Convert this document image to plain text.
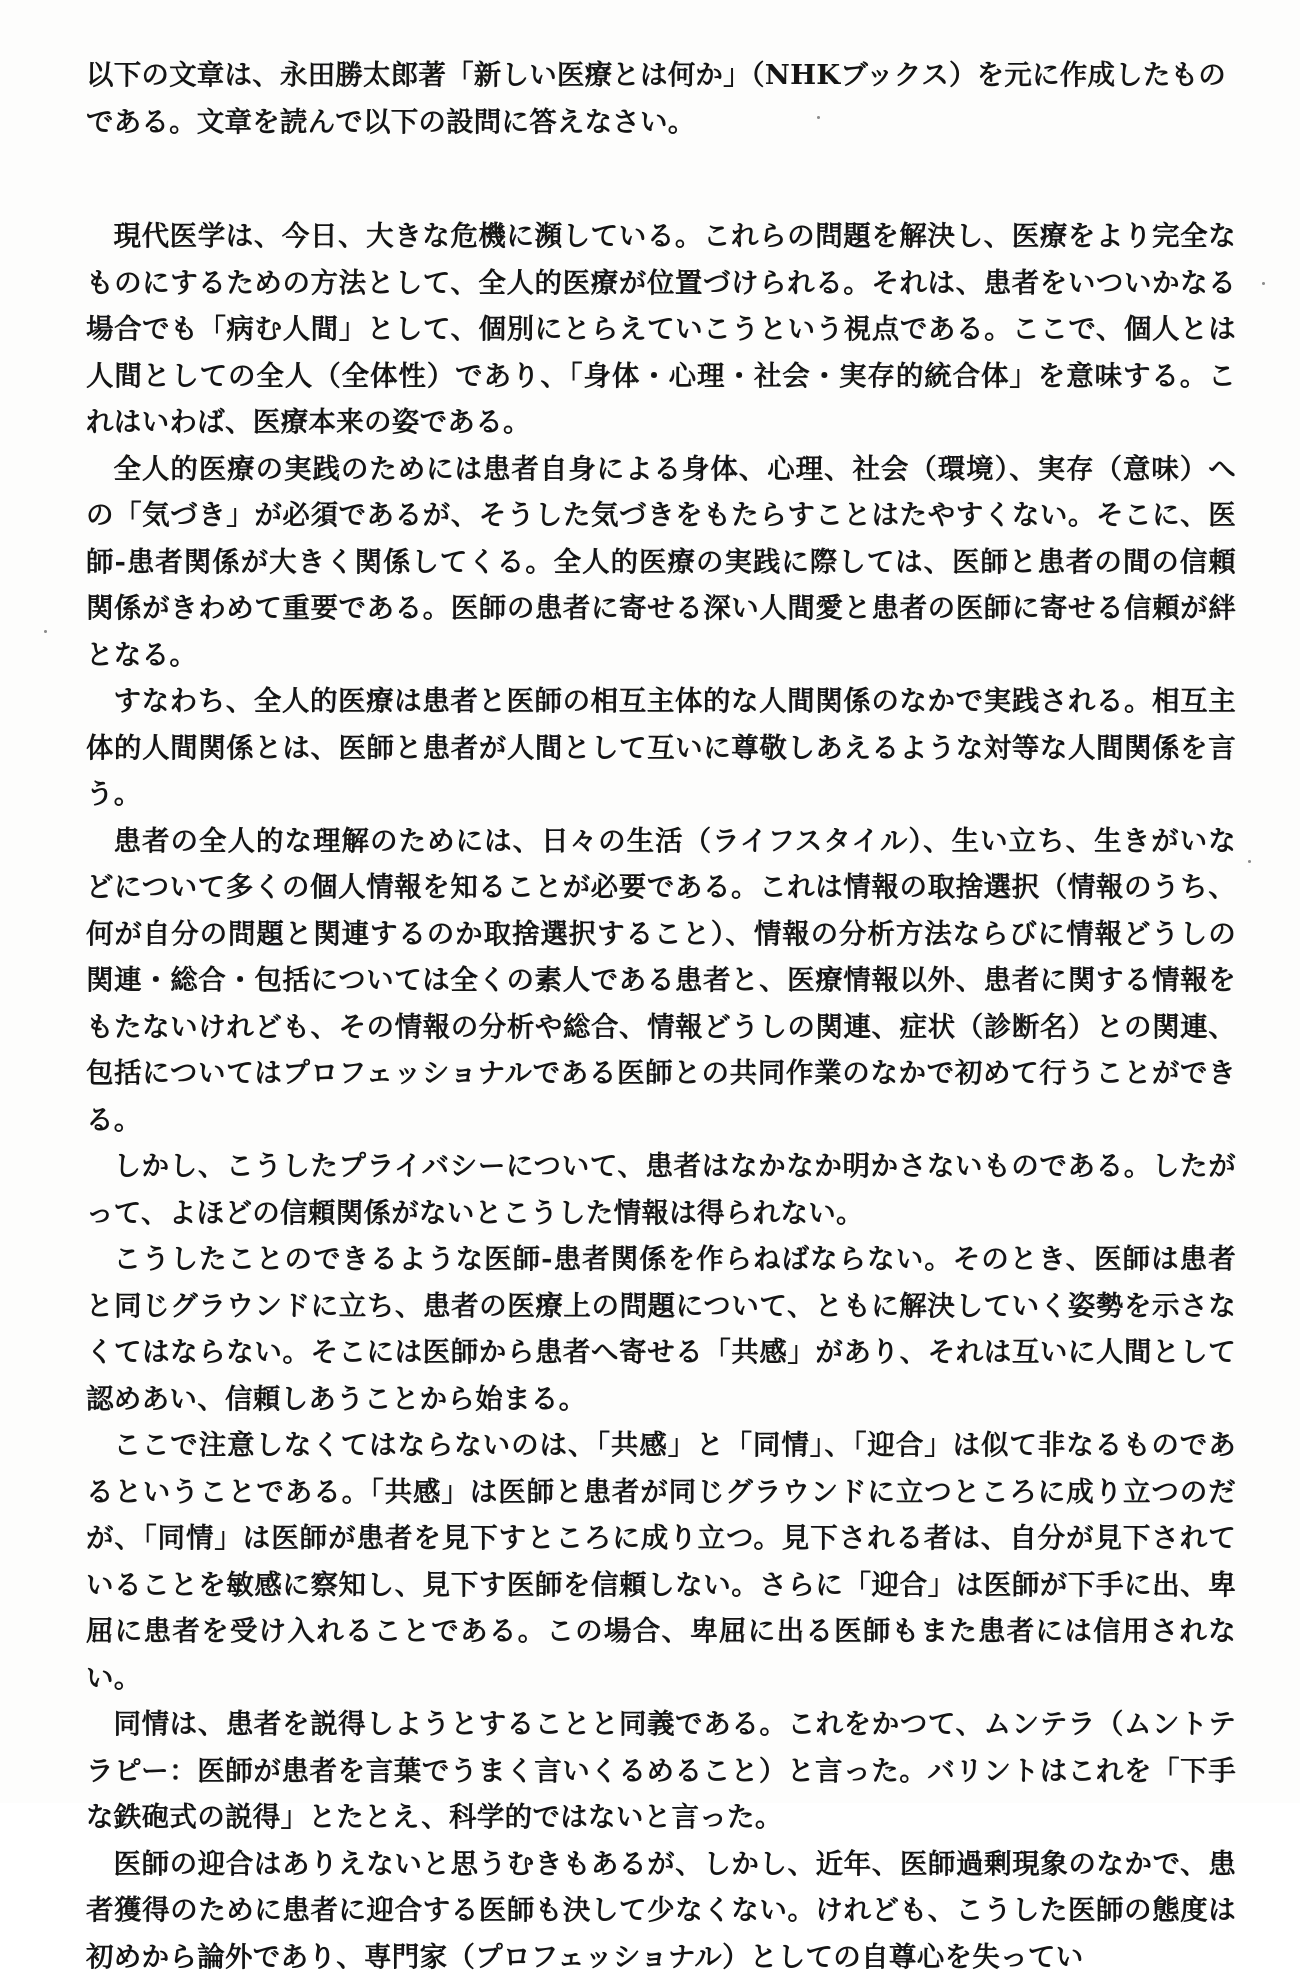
以下の文章は、永田勝太郎著「新しい医療とは何か」（NHKブックス）を元に作成したものである。文章を読んで以下の設問に答えなさい。

現代医学は、今日、大きな危機に瀕している。これらの問題を解決し、医療をより完全なものにするための方法として、全人的医療が位置づけられる。それは、患者をいついかなる場合でも「病む人間」として、個別にとらえていこうという視点である。ここで、個人とは人間としての全人（全体性）であり、「身体・心理・社会・実存的統合体」を意味する。これはいわば、医療本来の姿である。

全人的医療の実践のためには患者自身による身体、心理、社会（環境）、実存（意味）への「気づき」が必須であるが、そうした気づきをもたらすことはたやすくない。そこに、医師-患者関係が大きく関係してくる。全人的医療の実践に際しては、医師と患者の間の信頼関係がきわめて重要である。医師の患者に寄せる深い人間愛と患者の医師に寄せる信頼が絆となる。

すなわち、全人的医療は患者と医師の相互主体的な人間関係のなかで実践される。相互主体的人間関係とは、医師と患者が人間として互いに尊敬しあえるような対等な人間関係を言う。

患者の全人的な理解のためには、日々の生活（ライフスタイル）、生い立ち、生きがいなどについて多くの個人情報を知ることが必要である。これは情報の取捨選択（情報のうち、何が自分の問題と関連するのか取捨選択すること）、情報の分析方法ならびに情報どうしの関連・総合・包括については全くの素人である患者と、医療情報以外、患者に関する情報をもたないけれども、その情報の分析や総合、情報どうしの関連、症状（診断名）との関連、包括についてはプロフェッショナルである医師との共同作業のなかで初めて行うことができる。

しかし、こうしたプライバシーについて、患者はなかなか明かさないものである。したがって、よほどの信頼関係がないとこうした情報は得られない。

こうしたことのできるような医師-患者関係を作らねばならない。そのとき、医師は患者と同じグラウンドに立ち、患者の医療上の問題について、ともに解決していく姿勢を示さなくてはならない。そこには医師から患者へ寄せる「共感」があり、それは互いに人間として認めあい、信頼しあうことから始まる。

ここで注意しなくてはならないのは、「共感」と「同情」、「迎合」は似て非なるものであるということである。「共感」は医師と患者が同じグラウンドに立つところに成り立つのだが、「同情」は医師が患者を見下すところに成り立つ。見下される者は、自分が見下されていることを敏感に察知し、見下す医師を信頼しない。さらに「迎合」は医師が下手に出、卑屈に患者を受け入れることである。この場合、卑屈に出る医師もまた患者には信用されない。

同情は、患者を説得しようとすることと同義である。これをかつて、ムンテラ（ムントテラピー：医師が患者を言葉でうまく言いくるめること）と言った。バリントはこれを「下手な鉄砲式の説得」とたとえ、科学的ではないと言った。

医師の迎合はありえないと思うむきもあるが、しかし、近年、医師過剰現象のなかで、患者獲得のために患者に迎合する医師も決して少なくない。けれども、こうした医師の態度は初めから論外であり、専門家（プロフェッショナル）としての自尊心を失ってい
